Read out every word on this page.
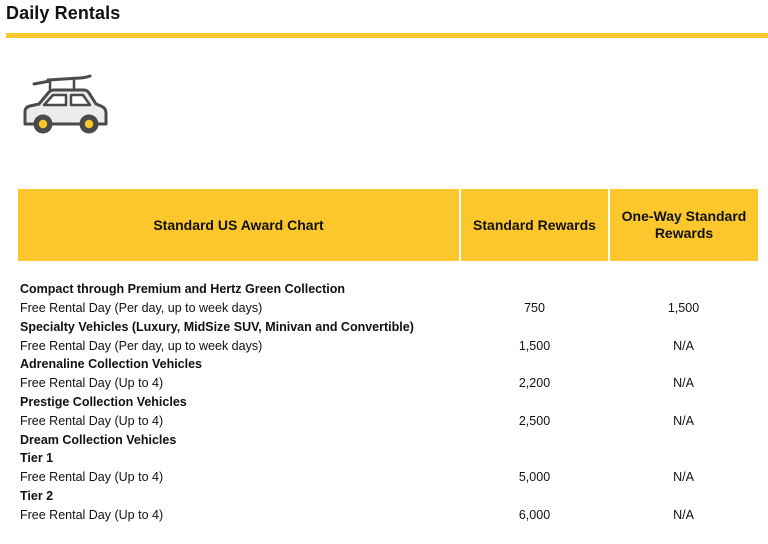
Daily Rentals
Standard US Award Chart	Standard Rewards	One-Way Standard Rewards

Compact through Premium and Hertz Green Collection		
Free Rental Day (Per day, up to week days)	750	1,500
Specialty Vehicles (Luxury, MidSize SUV, Minivan and Convertible)		
Free Rental Day (Per day, up to week days)	1,500	N/A
Adrenaline Collection Vehicles		
Free Rental Day (Up to 4)	2,200	N/A
Prestige Collection Vehicles		
Free Rental Day (Up to 4)	2,500	N/A
Dream Collection Vehicles		
Tier 1		
Free Rental Day (Up to 4)	5,000	N/A
Tier 2		
Free Rental Day (Up to 4)	6,000	N/A
